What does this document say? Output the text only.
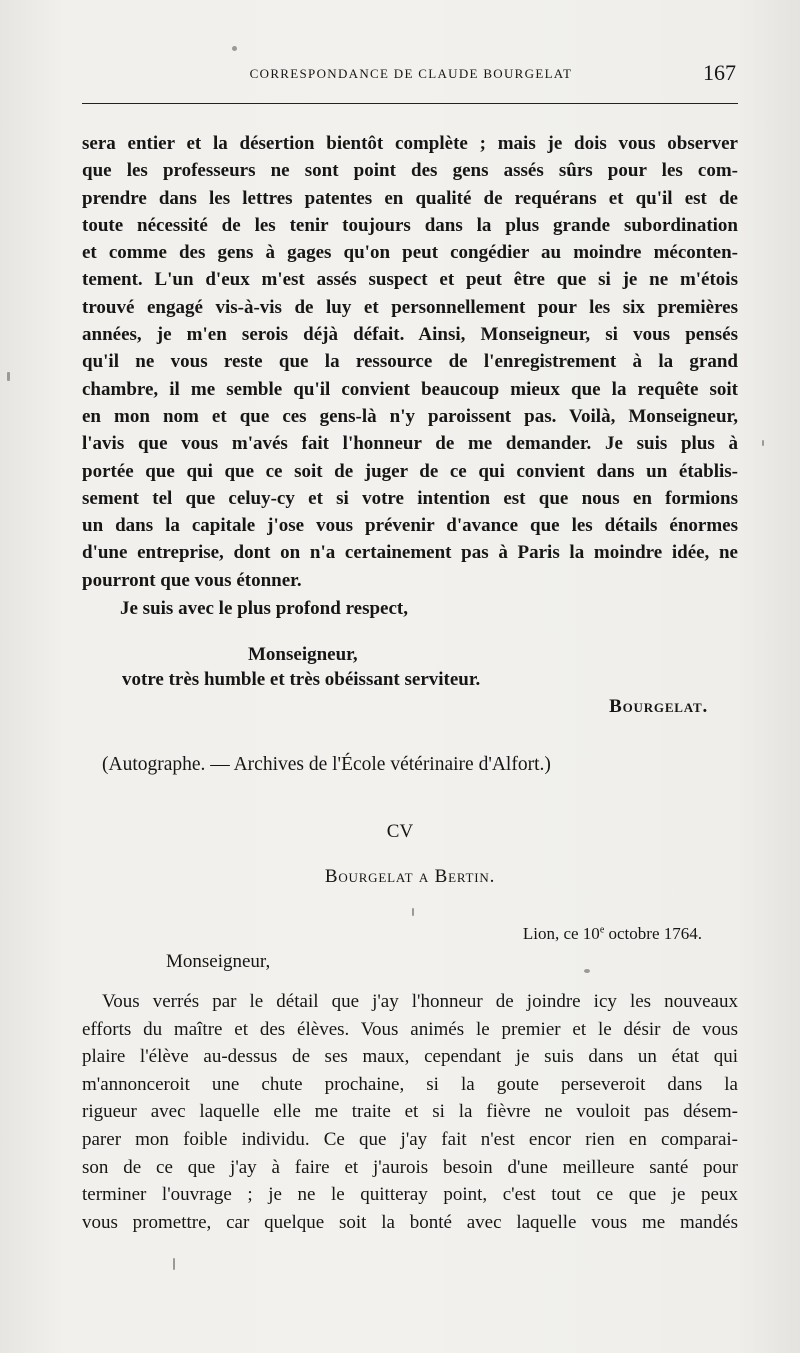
CORRESPONDANCE DE CLAUDE BOURGELAT	167
sera entier et la désertion bientôt complète ; mais je dois vous observer
que les professeurs ne sont point des gens assés sûrs pour les com-
prendre dans les lettres patentes en qualité de requérans et qu'il est de
toute nécessité de les tenir toujours dans la plus grande subordination
et comme des gens à gages qu'on peut congédier au moindre méconten-
tement. L'un d'eux m'est assés suspect et peut être que si je ne m'étois
trouvé engagé vis-à-vis de luy et personnellement pour les six premières
années, je m'en serois déjà défait. Ainsi, Monseigneur, si vous pensés
qu'il ne vous reste que la ressource de l'enregistrement à la grand
chambre, il me semble qu'il convient beaucoup mieux que la requête soit
en mon nom et que ces gens-là n'y paroissent pas. Voilà, Monseigneur,
l'avis que vous m'avés fait l'honneur de me demander. Je suis plus à
portée que qui que ce soit de juger de ce qui convient dans un établis-
sement tel que celuy-cy et si votre intention est que nous en formions
un dans la capitale j'ose vous prévenir d'avance que les détails énormes
d'une entreprise, dont on n'a certainement pas à Paris la moindre idée, ne
pourront que vous étonner.
Je suis avec le plus profond respect,
Monseigneur,
votre très humble et très obéissant serviteur.
Bourgelat.
(Autographe. — Archives de l'École vétérinaire d'Alfort.)
CV
Bourgelat a Bertin.
Lion, ce 10e octobre 1764.
Monseigneur,
Vous verrés par le détail que j'ay l'honneur de joindre icy les nouveaux
efforts du maître et des élèves. Vous animés le premier et le désir de vous
plaire l'élève au-dessus de ses maux, cependant je suis dans un état qui
m'annonceroit une chute prochaine, si la goute perseveroit dans la
rigueur avec laquelle elle me traite et si la fièvre ne vouloit pas désem-
parer mon foible individu. Ce que j'ay fait n'est encor rien en comparai-
son de ce que j'ay à faire et j'aurois besoin d'une meilleure santé pour
terminer l'ouvrage ; je ne le quitteray point, c'est tout ce que je peux
vous promettre, car quelque soit la bonté avec laquelle vous me mandés
